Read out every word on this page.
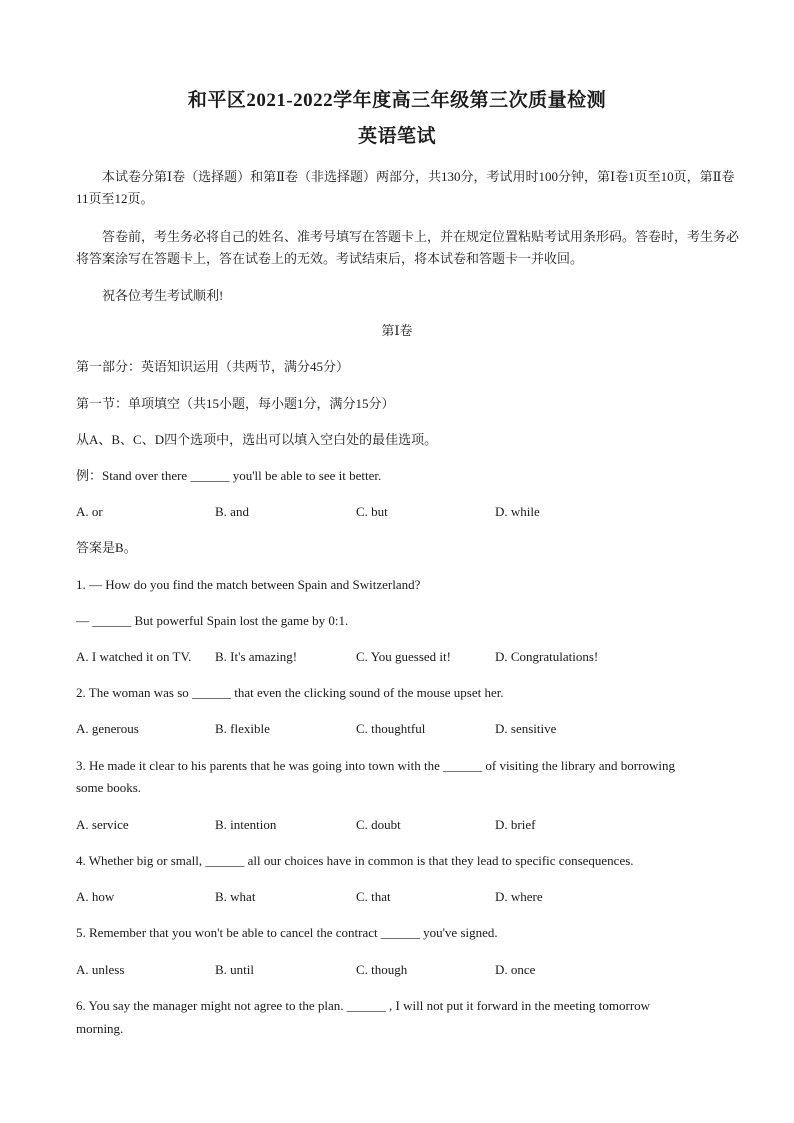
和平区2021-2022学年度高三年级第三次质量检测
英语笔试

本试卷分第Ⅰ卷（选择题）和第Ⅱ卷（非选择题）两部分，共130分，考试用时100分钟，第Ⅰ卷1页至10页，第Ⅱ卷11页至12页。

答卷前，考生务必将自己的姓名、准考号填写在答题卡上，并在规定位置粘贴考试用条形码。答卷时，考生务必将答案涂写在答题卡上，答在试卷上的无效。考试结束后，将本试卷和答题卡一并收回。

祝各位考生考试顺利!

第Ⅰ卷
第一部分：英语知识运用（共两节，满分45分）
第一节：单项填空（共15小题，每小题1分，满分15分）
从A、B、C、D四个选项中，选出可以填入空白处的最佳选项。
例：Stand over there ______ you'll be able to see it better.
A. or	B. and	C. but	D. while
答案是B。
1. — How do you find the match between Spain and Switzerland?
— ______ But powerful Spain lost the game by 0:1.
A. I watched it on TV. B. It's amazing!	C. You guessed it!	D. Congratulations!
2. The woman was so ______ that even the clicking sound of the mouse upset her.
A. generous	B. flexible	C. thoughtful	D. sensitive
3. He made it clear to his parents that he was going into town with the ______ of visiting the library and borrowing
some books.
A. service	B. intention	C. doubt	D. brief
4. Whether big or small, ______ all our choices have in common is that they lead to specific consequences.
A. how	B. what	C. that	D. where
5. Remember that you won't be able to cancel the contract ______ you've signed.
A. unless	B. until	C. though	D. once
6. You say the manager might not agree to the plan. ______ , I will not put it forward in the meeting tomorrow
morning.
